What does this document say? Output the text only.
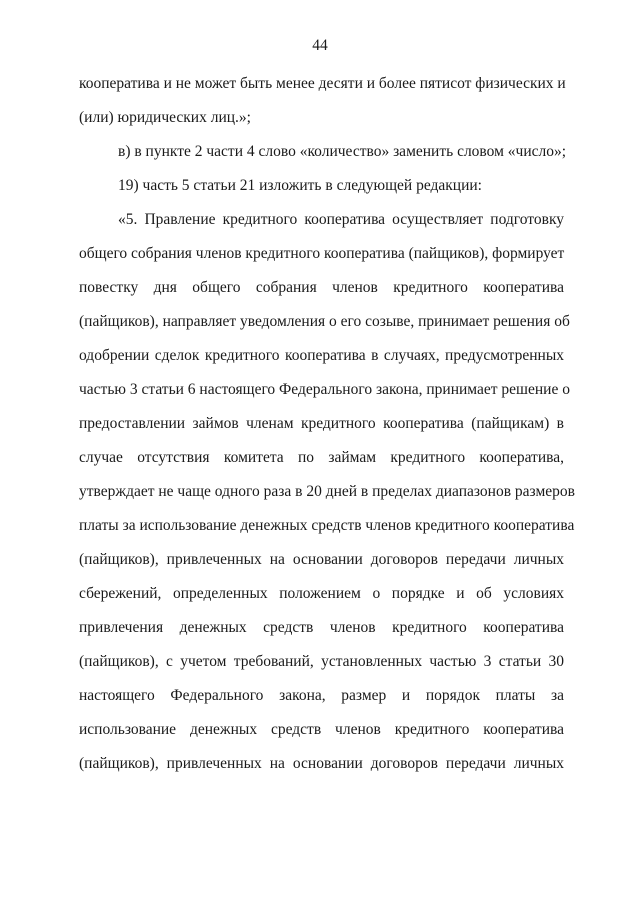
44
кооператива и не может быть менее десяти и более пятисот физических и
(или) юридических лиц.»;
в) в пункте 2 части 4 слово «количество» заменить словом «число»;
19) часть 5 статьи 21 изложить в следующей редакции:
«5. Правление кредитного кооператива осуществляет подготовку
общего собрания членов кредитного кооператива (пайщиков), формирует
повестку дня общего собрания членов кредитного кооператива
(пайщиков), направляет уведомления о его созыве, принимает решения об
одобрении сделок кредитного кооператива в случаях, предусмотренных
частью 3 статьи 6 настоящего Федерального закона, принимает решение о
предоставлении займов членам кредитного кооператива (пайщикам) в
случае отсутствия комитета по займам кредитного кооператива,
утверждает не чаще одного раза в 20 дней в пределах диапазонов размеров
платы за использование денежных средств членов кредитного кооператива
(пайщиков), привлеченных на основании договоров передачи личных
сбережений, определенных положением о порядке и об условиях
привлечения денежных средств членов кредитного кооператива
(пайщиков), с учетом требований, установленных частью 3 статьи 30
настоящего Федерального закона, размер и порядок платы за
использование денежных средств членов кредитного кооператива
(пайщиков), привлеченных на основании договоров передачи личных
